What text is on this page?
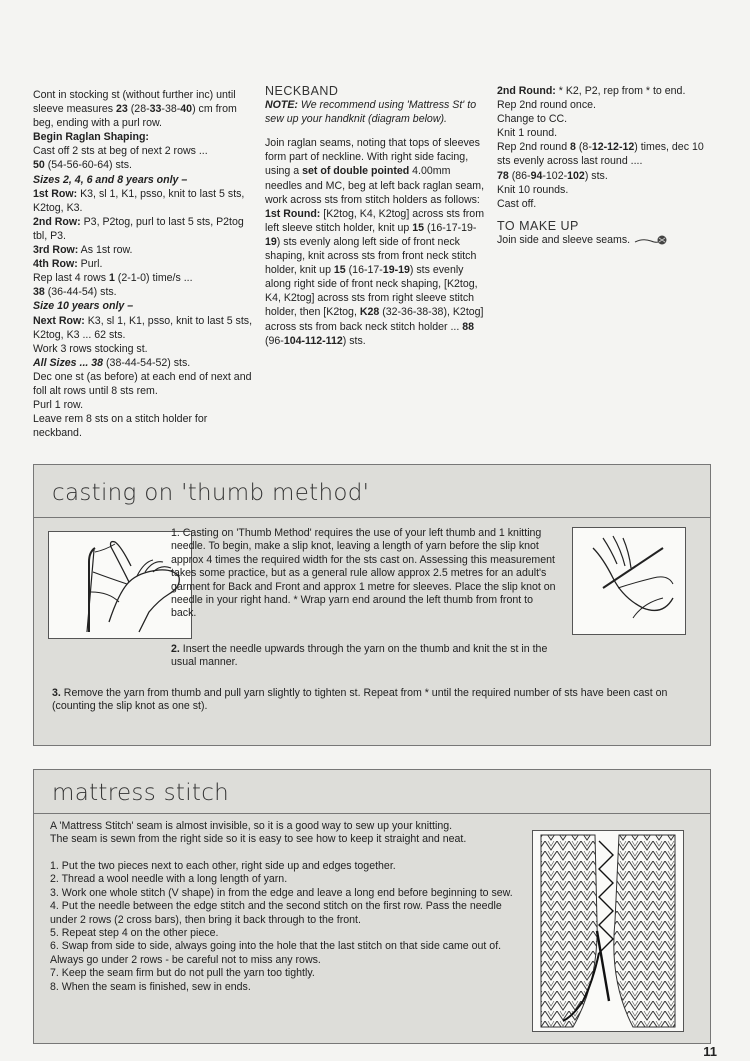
Cont in stocking st (without further inc) until sleeve measures 23 (28-33-38-40) cm from beg, ending with a purl row.

Begin Raglan Shaping:

Cast off 2 sts at beg of next 2 rows ...
50 (54-56-60-64) sts.

Sizes 2, 4, 6 and 8 years only –

1st Row: K3, sl 1, K1, psso, knit to last 5 sts, K2tog, K3.

2nd Row: P3, P2tog, purl to last 5 sts, P2tog tbl, P3.

3rd Row: As 1st row.

4th Row: Purl.

Rep last 4 rows 1 (2-1-0) time/s ...
38 (36-44-54) sts.

Size 10 years only –

Next Row: K3, sl 1, K1, psso, knit to last 5 sts, K2tog, K3 ... 62 sts.

Work 3 rows stocking st.

All Sizes ... 38 (38-44-54-52) sts.

Dec one st (as before) at each end of next and foll alt rows until 8 sts rem.

Purl 1 row.

Leave rem 8 sts on a stitch holder for neckband.

NECKBAND

NOTE: We recommend using 'Mattress St' to sew up your handknit (diagram below).

Join raglan seams, noting that tops of sleeves form part of neckline. With right side facing, using a set of double pointed 4.00mm needles and MC, beg at left back raglan seam, work across sts from stitch holders as follows:

1st Round: [K2tog, K4, K2tog] across sts from left sleeve stitch holder, knit up 15 (16-17-19-19) sts evenly along left side of front neck shaping, knit across sts from front neck stitch holder, knit up 15 (16-17-19-19) sts evenly along right side of front neck shaping, [K2tog, K4, K2tog] across sts from right sleeve stitch holder, then [K2tog, K28 (32-36-38-38), K2tog] across sts from back neck stitch holder ... 88 (96-104-112-112) sts.

2nd Round: * K2, P2, rep from * to end.

Rep 2nd round once.

Change to CC.

Knit 1 round.

Rep 2nd round 8 (8-12-12-12) times, dec 10 sts evenly across last round ....

78 (86-94-102-102) sts.

Knit 10 rounds.

Cast off.

TO MAKE UP

Join side and sleeve seams.

casting on 'thumb method'
1. Casting on 'Thumb Method' requires the use of your left thumb and 1 knitting needle. To begin, make a slip knot, leaving a length of yarn before the slip knot approx 4 times the required width for the sts cast on. Assessing this measurement takes some practice, but as a general rule allow approx 2.5 metres for an adult's garment for Back and Front and approx 1 metre for sleeves. Place the slip knot on needle in your right hand. * Wrap yarn end around the left thumb from front to back.
2. Insert the needle upwards through the yarn on the thumb and knit the st in the usual manner.
3. Remove the yarn from thumb and pull yarn slightly to tighten st. Repeat from * until the required number of sts have been cast on (counting the slip knot as one st).
mattress stitch

A 'Mattress Stitch' seam is almost invisible, so it is a good way to sew up your knitting.

The seam is sewn from the right side so it is easy to see how to keep it straight and neat.

1. Put the two pieces next to each other, right side up and edges together.

2. Thread a wool needle with a long length of yarn.

3. Work one whole stitch (V shape) in from the edge and leave a long end before beginning to sew.

4. Put the needle between the edge stitch and the second stitch on the first row. Pass the needle under 2 rows (2 cross bars), then bring it back through to the front.

5. Repeat step 4 on the other piece.

6. Swap from side to side, always going into the hole that the last stitch on that side came out of. Always go under 2 rows - be careful not to miss any rows.

7. Keep the seam firm but do not pull the yarn too tightly.

8. When the seam is finished, sew in ends.

11
